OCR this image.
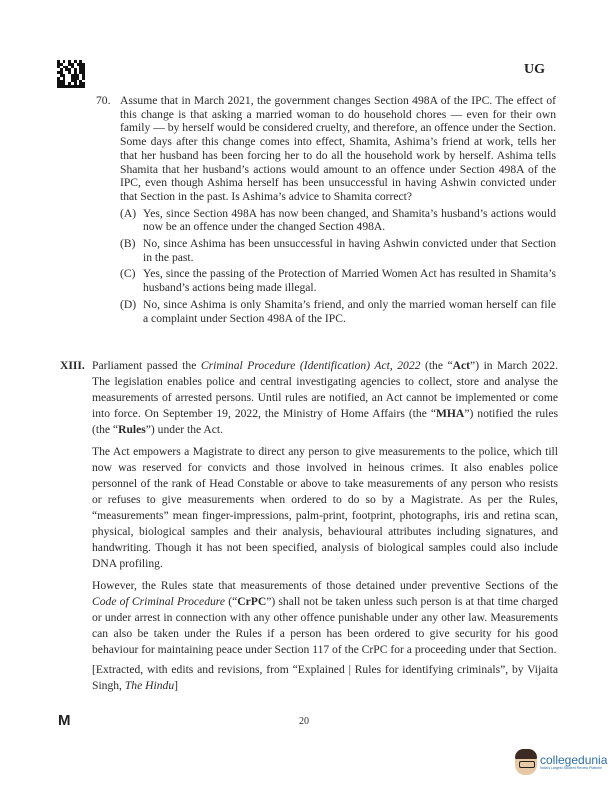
UG
70. Assume that in March 2021, the government changes Section 498A of the IPC. The effect of this change is that asking a married woman to do household chores — even for their own family — by herself would be considered cruelty, and therefore, an offence under the Section. Some days after this change comes into effect, Shamita, Ashima’s friend at work, tells her that her husband has been forcing her to do all the household work by herself. Ashima tells Shamita that her husband’s actions would amount to an offence under Section 498A of the IPC, even though Ashima herself has been unsuccessful in having Ashwin convicted under that Section in the past. Is Ashima’s advice to Shamita correct?
(A) Yes, since Section 498A has now been changed, and Shamita’s husband’s actions would now be an offence under the changed Section 498A.
(B) No, since Ashima has been unsuccessful in having Ashwin convicted under that Section in the past.
(C) Yes, since the passing of the Protection of Married Women Act has resulted in Shamita’s husband’s actions being made illegal.
(D) No, since Ashima is only Shamita’s friend, and only the married woman herself can file a complaint under Section 498A of the IPC.
XIII. Parliament passed the Criminal Procedure (Identification) Act, 2022 (the “Act”) in March 2022. The legislation enables police and central investigating agencies to collect, store and analyse the measurements of arrested persons. Until rules are notified, an Act cannot be implemented or come into force. On September 19, 2022, the Ministry of Home Affairs (the “MHA”) notified the rules (the “Rules”) under the Act.

The Act empowers a Magistrate to direct any person to give measurements to the police, which till now was reserved for convicts and those involved in heinous crimes. It also enables police personnel of the rank of Head Constable or above to take measurements of any person who resists or refuses to give measurements when ordered to do so by a Magistrate. As per the Rules, “measurements” mean finger-impressions, palm-print, footprint, photographs, iris and retina scan, physical, biological samples and their analysis, behavioural attributes including signatures, and handwriting. Though it has not been specified, analysis of biological samples could also include DNA profiling.

However, the Rules state that measurements of those detained under preventive Sections of the Code of Criminal Procedure (“CrPC”) shall not be taken unless such person is at that time charged or under arrest in connection with any other offence punishable under any other law. Measurements can also be taken under the Rules if a person has been ordered to give security for his good behaviour for maintaining peace under Section 117 of the CrPC for a proceeding under that Section.

[Extracted, with edits and revisions, from “Explained | Rules for identifying criminals”, by Vijaita Singh, The Hindu]

M	20
collegedunia
India's Largest Student Review Platform
